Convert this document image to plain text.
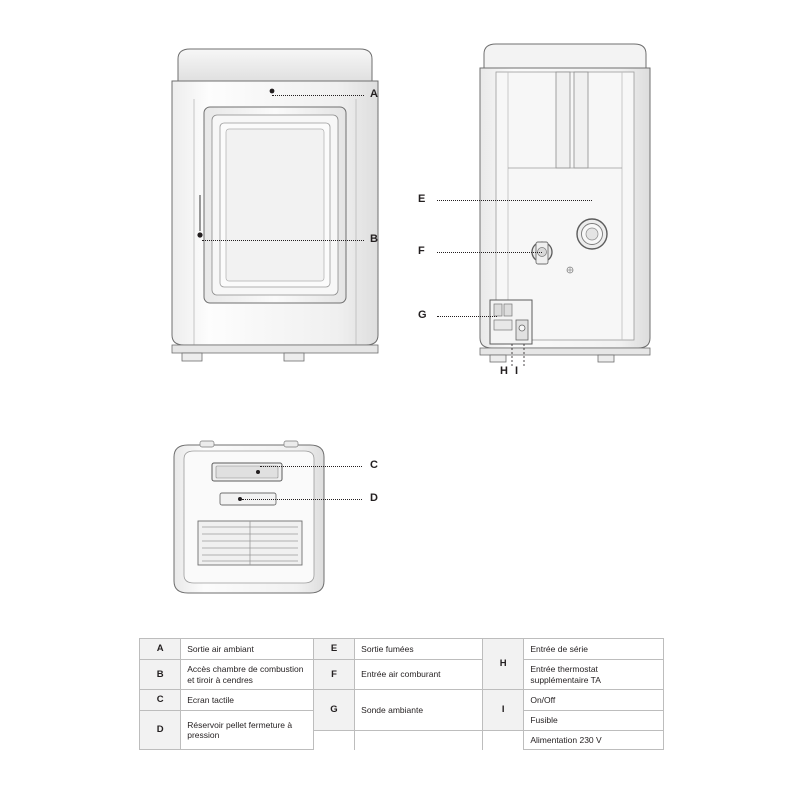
A
B
E
F
G
H I
C
D
A	Sortie air ambiant	E	Sortie fumées	H	Entrée de série
B	Accès chambre de combustion et tiroir à cendres	F	Entrée air comburant		Entrée thermostat supplémentaire TA
C	Ecran tactile	G	Sonde ambiante	I	On/Off
D	Réservoir pellet fermeture à pression				Fusible
					Alimentation 230 V
